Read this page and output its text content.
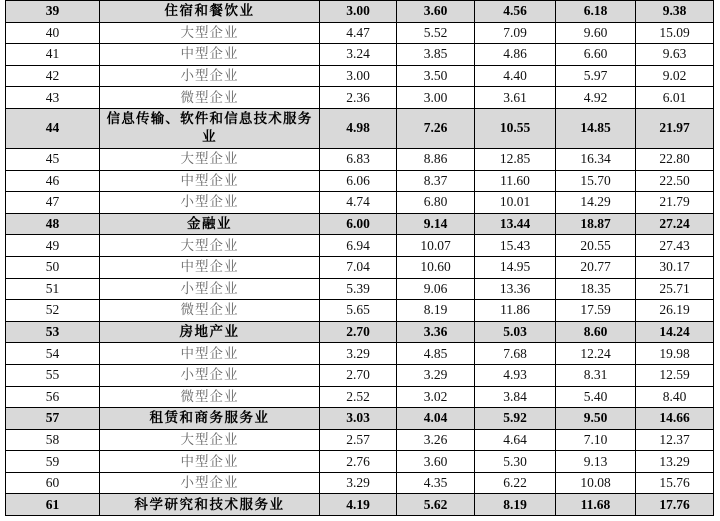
39	住宿和餐饮业	3.00	3.60	4.56	6.18	9.38
40	大型企业	4.47	5.52	7.09	9.60	15.09
41	中型企业	3.24	3.85	4.86	6.60	9.63
42	小型企业	3.00	3.50	4.40	5.97	9.02
43	微型企业	2.36	3.00	3.61	4.92	6.01
44	信息传输、软件和信息技术服务业	4.98	7.26	10.55	14.85	21.97
45	大型企业	6.83	8.86	12.85	16.34	22.80
46	中型企业	6.06	8.37	11.60	15.70	22.50
47	小型企业	4.74	6.80	10.01	14.29	21.79
48	金融业	6.00	9.14	13.44	18.87	27.24
49	大型企业	6.94	10.07	15.43	20.55	27.43
50	中型企业	7.04	10.60	14.95	20.77	30.17
51	小型企业	5.39	9.06	13.36	18.35	25.71
52	微型企业	5.65	8.19	11.86	17.59	26.19
53	房地产业	2.70	3.36	5.03	8.60	14.24
54	中型企业	3.29	4.85	7.68	12.24	19.98
55	小型企业	2.70	3.29	4.93	8.31	12.59
56	微型企业	2.52	3.02	3.84	5.40	8.40
57	租赁和商务服务业	3.03	4.04	5.92	9.50	14.66
58	大型企业	2.57	3.26	4.64	7.10	12.37
59	中型企业	2.76	3.60	5.30	9.13	13.29
60	小型企业	3.29	4.35	6.22	10.08	15.76
61	科学研究和技术服务业	4.19	5.62	8.19	11.68	17.76
